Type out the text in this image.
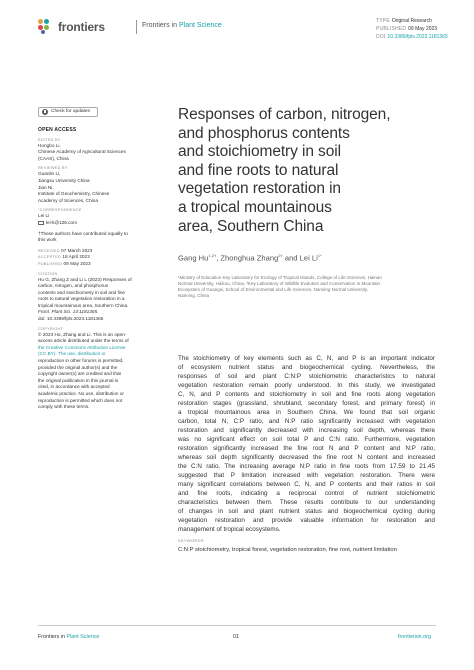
frontiers	Frontiers in Plant Science
TYPE Original Research
PUBLISHED 09 May 2023
DOI 10.3389/fpls.2023.1181365
Check for updates
OPEN ACCESS
EDITED BY
Hongbo Li,
Chinese Academy of Agricultural Sciences
(CAAS), China
REVIEWED BY
Guanlin Li,
Jiangsu University China
Jian Ni,
Institute of Geochemistry, Chinese
Academy of Sciences, China
*CORRESPONDENCE
Lei Li
lei-li@126.com
†These authors have contributed equally to
this work
RECEIVED 07 March 2023
ACCEPTED 18 April 2023
PUBLISHED 09 May 2023
CITATION
Hu G, Zhang Z and Li L (2023) Responses of
carbon, nitrogen, and phosphorus
contents and stoichiometry in soil and fine
roots to natural vegetation restoration in a
tropical mountainous area, Southern China.
Front. Plant Sci. 14:1181365.
doi: 10.3389/fpls.2023.1181365
COPYRIGHT
© 2023 Hu, Zhang and Li. This is an open-
access article distributed under the terms of
the Creative Commons Attribution License
(CC BY). The use, distribution or
reproduction in other forums is permitted,
provided the original author(s) and the
copyright owner(s) are credited and that
the original publication in this journal is
cited, in accordance with accepted
academic practice. No use, distribution or
reproduction is permitted which does not
comply with these terms.
Responses of carbon, nitrogen,
and phosphorus contents
and stoichiometry in soil
and fine roots to natural
vegetation restoration in
a tropical mountainous
area, Southern China
Gang $Hu^{1,2\dagger}$, Zhonghua Zhang$^{2\dagger}$ and Lei $Li^{1*}$
¹Ministry of Education Key Laboratory for Ecology of Tropical Islands, College of Life Sciences, Hainan
Normal University, Haikou, China, ²Key Laboratory of Wildlife Evolution and Conservation in Mountain
Ecosystem of Guangxi, School of Environmental and Life Sciences, Nanning Normal University,
Nanning, China
The stoichiometry of key elements such as C, N, and P is an important indicator
of ecosystem nutrient status and biogeochemical cycling. Nevertheless, the
responses of soil and plant C:N:P stoichiometric characteristics to natural
vegetation restoration remain poorly understood. In this study, we investigated
C, N, and P contents and stoichiometry in soil and fine roots along vegetation
restoration stages (grassland, shrubland, secondary forest, and primary forest) in
a tropical mountainous area in Southern China. We found that soil organic
carbon, total N, C:P ratio, and N:P ratio significantly increased with vegetation
restoration and significantly decreased with increasing soil depth, whereas there
was no significant effect on soil total P and C:N ratio. Furthermore, vegetation
restoration significantly increased the fine root N and P content and N:P ratio,
whereas soil depth significantly decreased the fine root N content and increased
the C:N ratio. The increasing average N:P ratio in fine roots from 17.59 to 21.45
suggested that P limitation increased with vegetation restoration. There were
many significant correlations between C, N, and P contents and their ratios in soil
and fine roots, indicating a reciprocal control of nutrient stoichiometric
characteristics between them. These results contribute to our understanding
of changes in soil and plant nutrient status and biogeochemical cycling during
vegetation restoration and provide valuable information for restoration and
management of tropical ecosystems.
KEYWORDS
C:N:P stoichiometry, tropical forest, vegetation restoration, fine root, nutrient limitation
Frontiers in Plant Science	01	frontiersin.org
